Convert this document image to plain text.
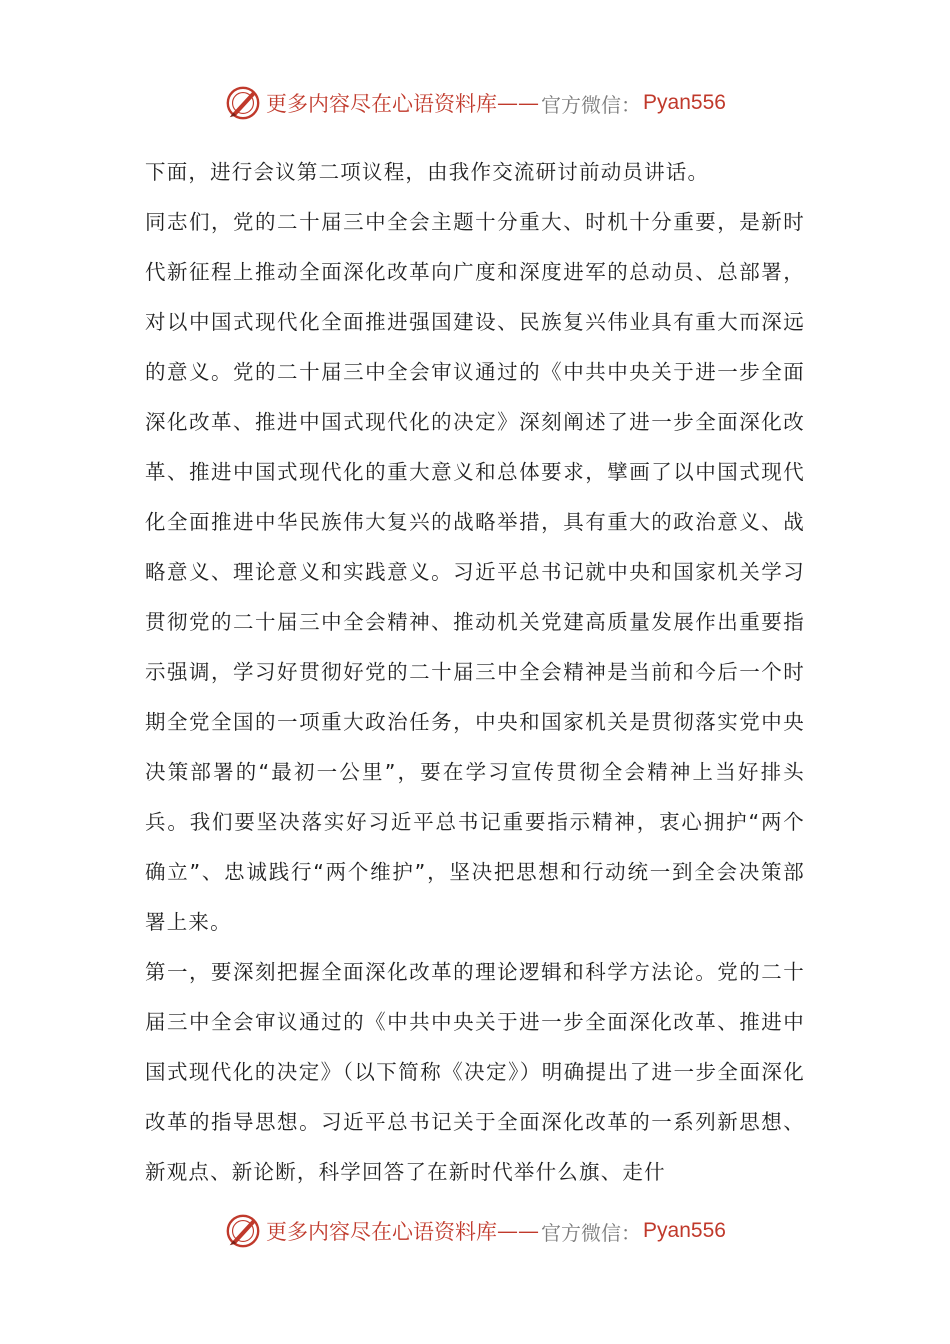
更多内容尽在心语资料库 —— 官方微信： Pyan556

下面，进行会议第二项议程，由我作交流研讨前动员讲话。

同志们，党的二十届三中全会主题十分重大、时机十分重要，是新时代新征程上推动全面深化改革向广度和深度进军的总动员、总部署，对以中国式现代化全面推进强国建设、民族复兴伟业具有重大而深远的意义。党的二十届三中全会审议通过的《中共中央关于进一步全面深化改革、推进中国式现代化的决定》深刻阐述了进一步全面深化改革、推进中国式现代化的重大意义和总体要求，擘画了以中国式现代化全面推进中华民族伟大复兴的战略举措，具有重大的政治意义、战略意义、理论意义和实践意义。习近平总书记就中央和国家机关学习贯彻党的二十届三中全会精神、推动机关党建高质量发展作出重要指示强调，学习好贯彻好党的二十届三中全会精神是当前和今后一个时期全党全国的一项重大政治任务，中央和国家机关是贯彻落实党中央决策部署的“最初一公里”，要在学习宣传贯彻全会精神上当好排头兵。我们要坚决落实好习近平总书记重要指示精神，衷心拥护“两个确立”、忠诚践行“两个维护”，坚决把思想和行动统一到全会决策部署上来。

第一，要深刻把握全面深化改革的理论逻辑和科学方法论。党的二十届三中全会审议通过的《中共中央关于进一步全面深化改革、推进中国式现代化的决定》（以下简称《决定》）明确提出了进一步全面深化改革的指导思想。习近平总书记关于全面深化改革的一系列新思想、新观点、新论断，科学回答了在新时代举什么旗、走什

更多内容尽在心语资料库 —— 官方微信： Pyan556
